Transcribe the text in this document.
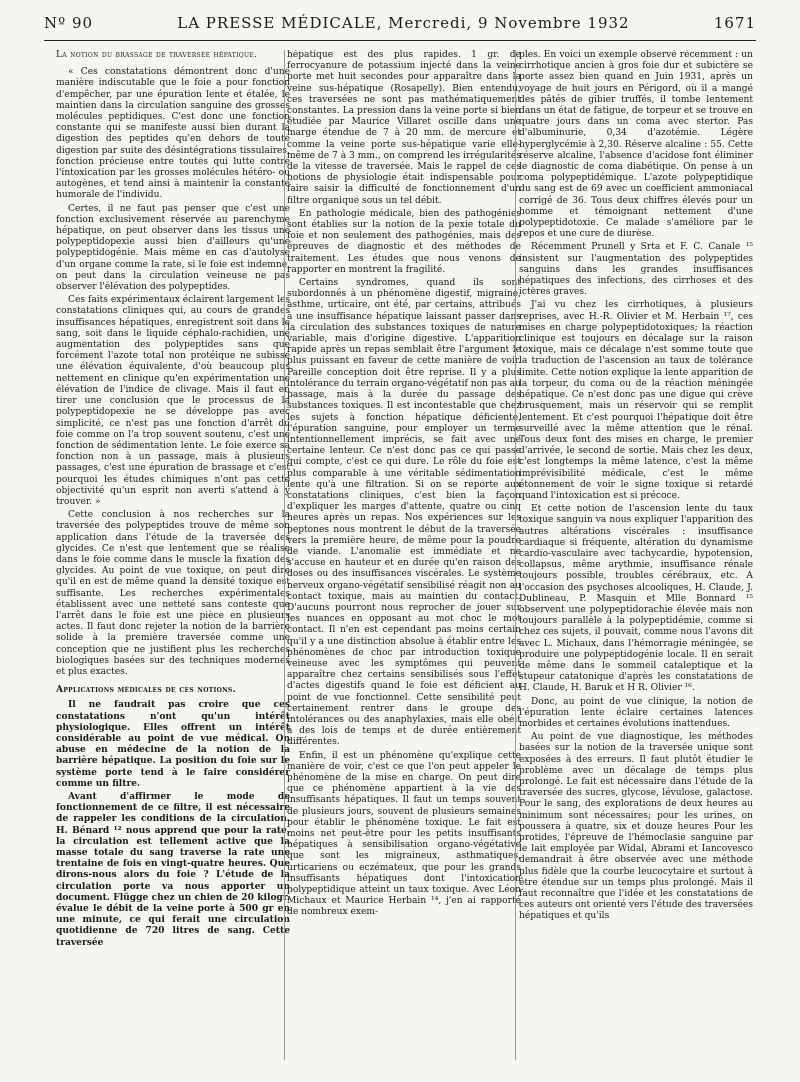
Nº 90	LA PRESSE MÉDICALE, Mercredi, 9 Novembre 1932	1671

La notion du brassage de traversée hépatique.

« Ces constatations démontrent donc d'une manière indiscutable que le foie a pour fonction d'empêcher, par une épuration lente et étalée, le maintien dans la circulation sanguine des grosses molécules peptidiques. C'est donc une fonction constante qui se manifeste aussi bien durant la digestion des peptides qu'en dehors de toute digestion par suite des désintégrations tissulaires, fonction précieuse entre toutes qui lutte contre l'intoxication par les grosses molécules hétéro- ou autogènes, et tend ainsi à maintenir la constante humorale de l'individu.

Certes, il ne faut pas penser que c'est une fonction exclusivement réservée au parenchyme hépatique, on peut observer dans les tissus une polypeptidopexie aussi bien d'ailleurs qu'une polypeptidogénie. Mais même en cas d'autolyse d'un organe comme la rate, si le foie est indemne, on peut dans la circulation veineuse ne pas observer l'élévation des polypeptides.

Ces faits expérimentaux éclairent largement les constatations cliniques qui, au cours de grandes insuffisances hépatiques, enregistrent soit dans le sang, soit dans le liquide céphalo-rachidien, une augmentation des polypeptides sans que forcément l'azote total non protéique ne subisse une élévation équivalente, d'où beaucoup plus nettement en clinique qu'en expérimentation une élévation de l'indice de clivage. Mais il faut en tirer une conclusion que le processus de la polypeptidopexie ne se développe pas avec simplicité, ce n'est pas une fonction d'arrêt du foie comme on l'a trop souvent soutenu, c'est une fonction de sédimentation lente. Le foie exerce sa fonction non à un passage, mais à plusieurs passages, c'est une épuration de brassage et c'est pourquoi les études chimiques n'ont pas cette objectivité qu'un esprit non averti s'attend à y trouver. »

Cette conclusion à nos recherches sur la traversée des polypeptides trouve de même son application dans l'étude de la traversée des glycides. Ce n'est que lentement que se réalise dans le foie comme dans le muscle la fixation des glycides. Au point de vue toxique, on peut dire qu'il en est de même quand la densité toxique est suffisante. Les recherches expérimentales établissent avec une netteté sans conteste que l'arrêt dans le foie est une pièce en plusieurs actes. Il faut donc rejeter la notion de la barrière solide à la première traversée comme une conception que ne justifient plus les recherches biologiques basées sur des techniques modernes et plus exactes.

Applications médicales de ces notions.

Il ne faudrait pas croire que ces constatations n'ont qu'un intérêt physiologique. Elles offrent un intérêt considérable au point de vue médical. On abuse en médecine de la notion de la barrière hépatique. La position du foie sur le système porte tend à le faire considérer comme un filtre.

Avant d'affirmer le mode de fonctionnement de ce filtre, il est nécessaire de rappeler les conditions de la circulation. H. Bénard ¹² nous apprend que pour la rate, la circulation est tellement active que la masse totale du sang traverse la rate une trentaine de fois en vingt-quatre heures. Que dirons-nous alors du foie ? L'étude de la circulation porte va nous apporter un document. Flügge chez un chien de 20 kilogr. évalue le débit de la veine porte à 500 gr en une minute, ce qui ferait une circulation quotidienne de 720 litres de sang. Cette traversée

hépatique est des plus rapides. 1 gr. de ferrocyanure de potassium injecté dans la veine porte met huit secondes pour apparaître dans la veine sus-hépatique (Rosapelly). Bien entendu, ces traversées ne sont pas mathématiquement constantes. La pression dans la veine porte si bien étudiée par Maurice Villaret oscille dans une marge étendue de 7 à 20 mm. de mercure et comme la veine porte sus-hépatique varie elle-même de 7 à 3 mm., on comprend les irrégularités de la vitesse de traversée. Mais le rappel de ces notions de physiologie était indispensable pour faire saisir la difficulté de fonctionnement d'un filtre organique sous un tel débit.

En pathologie médicale, bien des pathogénies sont établies sur la notion de la pexie totale du foie et non seulement des pathogénies, mais des épreuves de diagnostic et des méthodes de traitement. Les études que nous venons de rapporter en montrent la fragilité.

Certains syndromes, quand ils sont subordonnés à un phénomène digestif, migraine, asthme, urticaire, ont été, par certains, attribués à une insuffisance hépatique laissant passer dans la circulation des substances toxiques de nature variable, mais d'origine digestive. L'apparition rapide après un repas semblait être l'argument le plus puissant en faveur de cette manière de voir. Pareille conception doit être reprise. Il y a plus intolérance du terrain organo-végétatif non pas au passage, mais à la durée du passage des substances toxiques. Il est incontestable que chez les sujets à fonction hépatique déficiente, l'épuration sanguine, pour employer un terme intentionnellement imprécis, se fait avec une certaine lenteur. Ce n'est donc pas ce qui passe qui compte, c'est ce qui dure. Le rôle du foie est plus comparable à une véritable sédimentation lente qu'à une filtration. Si on se reporte aux constatations cliniques, c'est bien la façon d'expliquer les marges d'attente, quatre ou cinq heures après un repas. Nos expériences sur les peptones nous montrent le début de la traversée vers la première heure, de même pour la poudre de viande. L'anomalie est immédiate et ne s'accuse en hauteur et en durée qu'en raison des doses ou des insuffisances viscérales. Le système nerveux organo-végétatif sensibilisé réagit non au contact toxique, mais au maintien du contact. D'aucuns pourront nous reprocher de jouer sur les nuances en opposant au mot choc le mot contact. Il n'en est cependant pas moins certain qu'il y a une distinction absolue à établir entre les phénomènes de choc par introduction toxique veineuse avec les symptômes qui peuvent apparaître chez certains sensibilisés sous l'effet d'actes digestifs quand le foie est déficient au point de vue fonctionnel. Cette sensibilité peut certainement rentrer dans le groupe des intolérances ou des anaphylaxies, mais elle obéit à des lois de temps et de durée entièrement différentes.

Enfin, il est un phénomène qu'explique cette manière de voir, c'est ce que l'on peut appeler le phénomène de la mise en charge. On peut dire que ce phénomène appartient à la vie des insuffisants hépatiques. Il faut un temps souvent de plusieurs jours, souvent de plusieurs semaines pour établir le phénomène toxique. Le fait est moins net peut-être pour les petits insuffisants hépatiques à sensibilisation organo-végétative que sont les migraineux, asthmatiques, urticariens ou eczémateux, que pour les grands insuffisants hépatiques dont l'intoxication polypeptidique atteint un taux toxique. Avec Léon Michaux et Maurice Herbain ¹⁴, j'en ai rapporté de nombreux exem-

ples. En voici un exemple observé récemment : un cirrhotique ancien à gros foie dur et subictère se porte assez bien quand en Juin 1931, après un voyage de huit jours en Périgord, où il a mangé des pâtés de gibier truffés, il tombe lentement dans un état de fatigue, de torpeur et se trouve en quatre jours dans un coma avec stertor. Pas d'albuminurie, 0,34 d'azotémie. Légère hyperglycémie à 2,30. Réserve alcaline : 55. Cette réserve alcaline, l'absence d'acidose font éliminer le diagnostic de coma diabétique. On pense à un coma polypeptidémique. L'azote polypeptidique du sang est de 69 avec un coefficient ammoniacal corrigé de 36. Tous deux chiffres élevés pour un homme et témoignant nettement d'une polypeptidotoxie. Ce malade s'améliore par le repos et une cure de diurèse.

Récemment Prunell y Srta et F. C. Canale ¹⁵ insistent sur l'augmentation des polypeptides sanguins dans les grandes insuffisances hépatiques des infections, des cirrhoses et des ictères graves.

J'ai vu chez les cirrhotiques, à plusieurs reprises, avec H.-R. Olivier et M. Herbain ¹⁷, ces mises en charge polypeptidotoxiques; la réaction clinique est toujours en décalage sur la raison toxique, mais ce décalage n'est somme toute que la traduction de l'ascension au taux de tolérance limite. Cette notion explique la lente apparition de la torpeur, du coma ou de la réaction méningée hépatique. Ce n'est donc pas une digue qui crève brusquement, mais un réservoir qui se remplit lentement. Et c'est pourquoi l'hépatique doit être surveillé avec la même attention que le rénal. Tous deux font des mises en charge, le premier d'arrivée, le second de sortie. Mais chez les deux, c'est longtemps la même latence, c'est la même imprévisibilité médicale, c'est le même étonnement de voir le signe toxique si retardé quand l'intoxication est si précoce.

Et cette notion de l'ascension lente du taux toxique sanguin va nous expliquer l'apparition des autres altérations viscérales : insuffisance cardiaque si fréquente, altération du dynamisme cardio-vasculaire avec tachycardie, hypotension, collapsus, même arythmie, insuffisance rénale toujours possible, troubles cérébraux, etc. A l'occasion des psychoses alcooliques, H. Claude, J. Dublineau, P. Masquin et Mlle Bonnard ¹⁵ observent une polypeptidorachie élevée mais non toujours parallèle à la polypeptidémie, comme si chez ces sujets, il pouvait, comme nous l'avons dit avec L. Michaux, dans l'hémorragie méningée, se produire une polypeptidogénie locale. Il en serait de même dans le sommeil cataleptique et la stupeur catatonique d'après les constatations de H. Claude, H. Baruk et H R. Olivier ¹⁶.

Donc, au point de vue clinique, la notion de l'épuration lente éclaire certaines latences morbides et certaines évolutions inattendues.

Au point de vue diagnostique, les méthodes basées sur la notion de la traversée unique sont exposées à des erreurs. Il faut plutôt étudier le problème avec un décalage de temps plus prolongé. Le fait est nécessaire dans l'étude de la traversée des sucres, glycose, lévulose, galactose. Pour le sang, des explorations de deux heures au minimum sont nécessaires; pour les urines, on poussera à quatre, six et douze heures Pour les protides, l'épreuve de l'hémoclasie sanguine par le lait employée par Widal, Abrami et Iancovesco demandrait à être observée avec une méthode plus fidèle que la courbe leucocytaire et surtout à être étendue sur un temps plus prolongé. Mais il faut reconnaître que l'idée et les constatations de ces auteurs ont orienté vers l'étude des traversées hépatiques et qu'ils
